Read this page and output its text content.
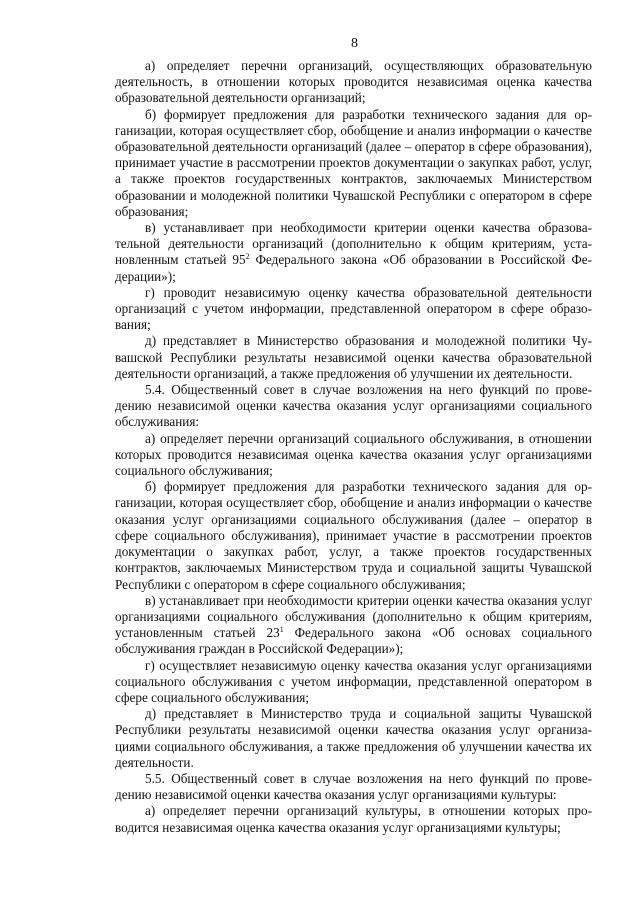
8

а) определяет перечни организаций, осуществляющих образовательную деятельность, в отношении которых проводится независимая оценка качества образовательной деятельности организаций;

б) формирует предложения для разработки технического задания для организации, которая осуществляет сбор, обобщение и анализ информации о качестве образовательной деятельности организаций (далее – оператор в сфере образования), принимает участие в рассмотрении проектов документации о закупках работ, услуг, а также проектов государственных контрактов, заключаемых Министерством образовании и молодежной политики Чувашской Республики с оператором в сфере образования;

в) устанавливает при необходимости критерии оценки качества образовательной деятельности организаций (дополнительно к общим критериям, установленным статьей $95^2$ Федерального закона «Об образовании в Российской Федерации»);

г) проводит независимую оценку качества образовательной деятельности организаций с учетом информации, представленной оператором в сфере образования;

д) представляет в Министерство образования и молодежной политики Чувашской Республики результаты независимой оценки качества образовательной деятельности организаций, а также предложения об улучшении их деятельности.

5.4. Общественный совет в случае возложения на него функций по проведению независимой оценки качества оказания услуг организациями социального обслуживания:

а) определяет перечни организаций социального обслуживания, в отношении которых проводится независимая оценка качества оказания услуг организациями социального обслуживания;

б) формирует предложения для разработки технического задания для организации, которая осуществляет сбор, обобщение и анализ информации о качестве оказания услуг организациями социального обслуживания (далее – оператор в сфере социального обслуживания), принимает участие в рассмотрении проектов документации о закупках работ, услуг, а также проектов государственных контрактов, заключаемых Министерством труда и социальной защиты Чувашской Республики с оператором в сфере социального обслуживания;

в) устанавливает при необходимости критерии оценки качества оказания услуг организациями социального обслуживания (дополнительно к общим критериям, установленным статьей $23^1$ Федерального закона «Об основах социального обслуживания граждан в Российской Федерации»);

г) осуществляет независимую оценку качества оказания услуг организациями социального обслуживания с учетом информации, представленной оператором в сфере социального обслуживания;

д) представляет в Министерство труда и социальной защиты Чувашской Республики результаты независимой оценки качества оказания услуг организациями социального обслуживания, а также предложения об улучшении качества их деятельности.

5.5. Общественный совет в случае возложения на него функций по проведению независимой оценки качества оказания услуг организациями культуры:

а) определяет перечни организаций культуры, в отношении которых проводится независимая оценка качества оказания услуг организациями культуры;
